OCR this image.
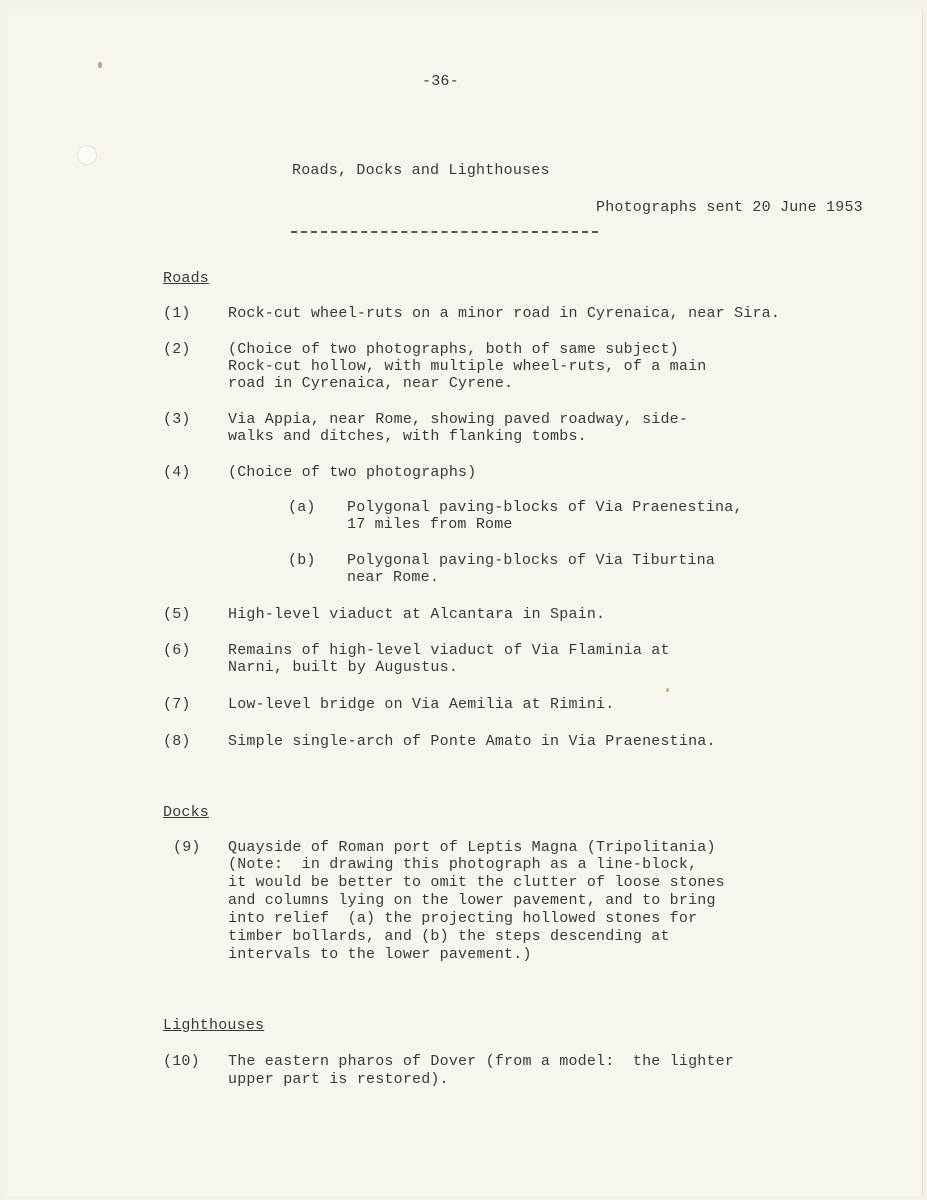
-36-
Roads, Docks and Lighthouses
Photographs sent 20 June 1953
Roads
(1) Rock-cut wheel-ruts on a minor road in Cyrenaica, near Sira.
(2) (Choice of two photographs, both of same subject)
Rock-cut hollow, with multiple wheel-ruts, of a main
road in Cyrenaica, near Cyrene.
(3) Via Appia, near Rome, showing paved roadway, side-
walks and ditches, with flanking tombs.
(4) (Choice of two photographs)
(a) Polygonal paving-blocks of Via Praenestina,
17 miles from Rome
(b) Polygonal paving-blocks of Via Tiburtina
near Rome.
(5) High-level viaduct at Alcantara in Spain.
(6) Remains of high-level viaduct of Via Flaminia at
Narni, built by Augustus.
(7) Low-level bridge on Via Aemilia at Rimini.
(8) Simple single-arch of Ponte Amato in Via Praenestina.
Docks
(9) Quayside of Roman port of Leptis Magna (Tripolitania)
(Note:  in drawing this photograph as a line-block,
it would be better to omit the clutter of loose stones
and columns lying on the lower pavement, and to bring
into relief  (a) the projecting hollowed stones for
timber bollards, and (b) the steps descending at
intervals to the lower pavement.)
Lighthouses
(10) The eastern pharos of Dover (from a model:  the lighter
upper part is restored).
